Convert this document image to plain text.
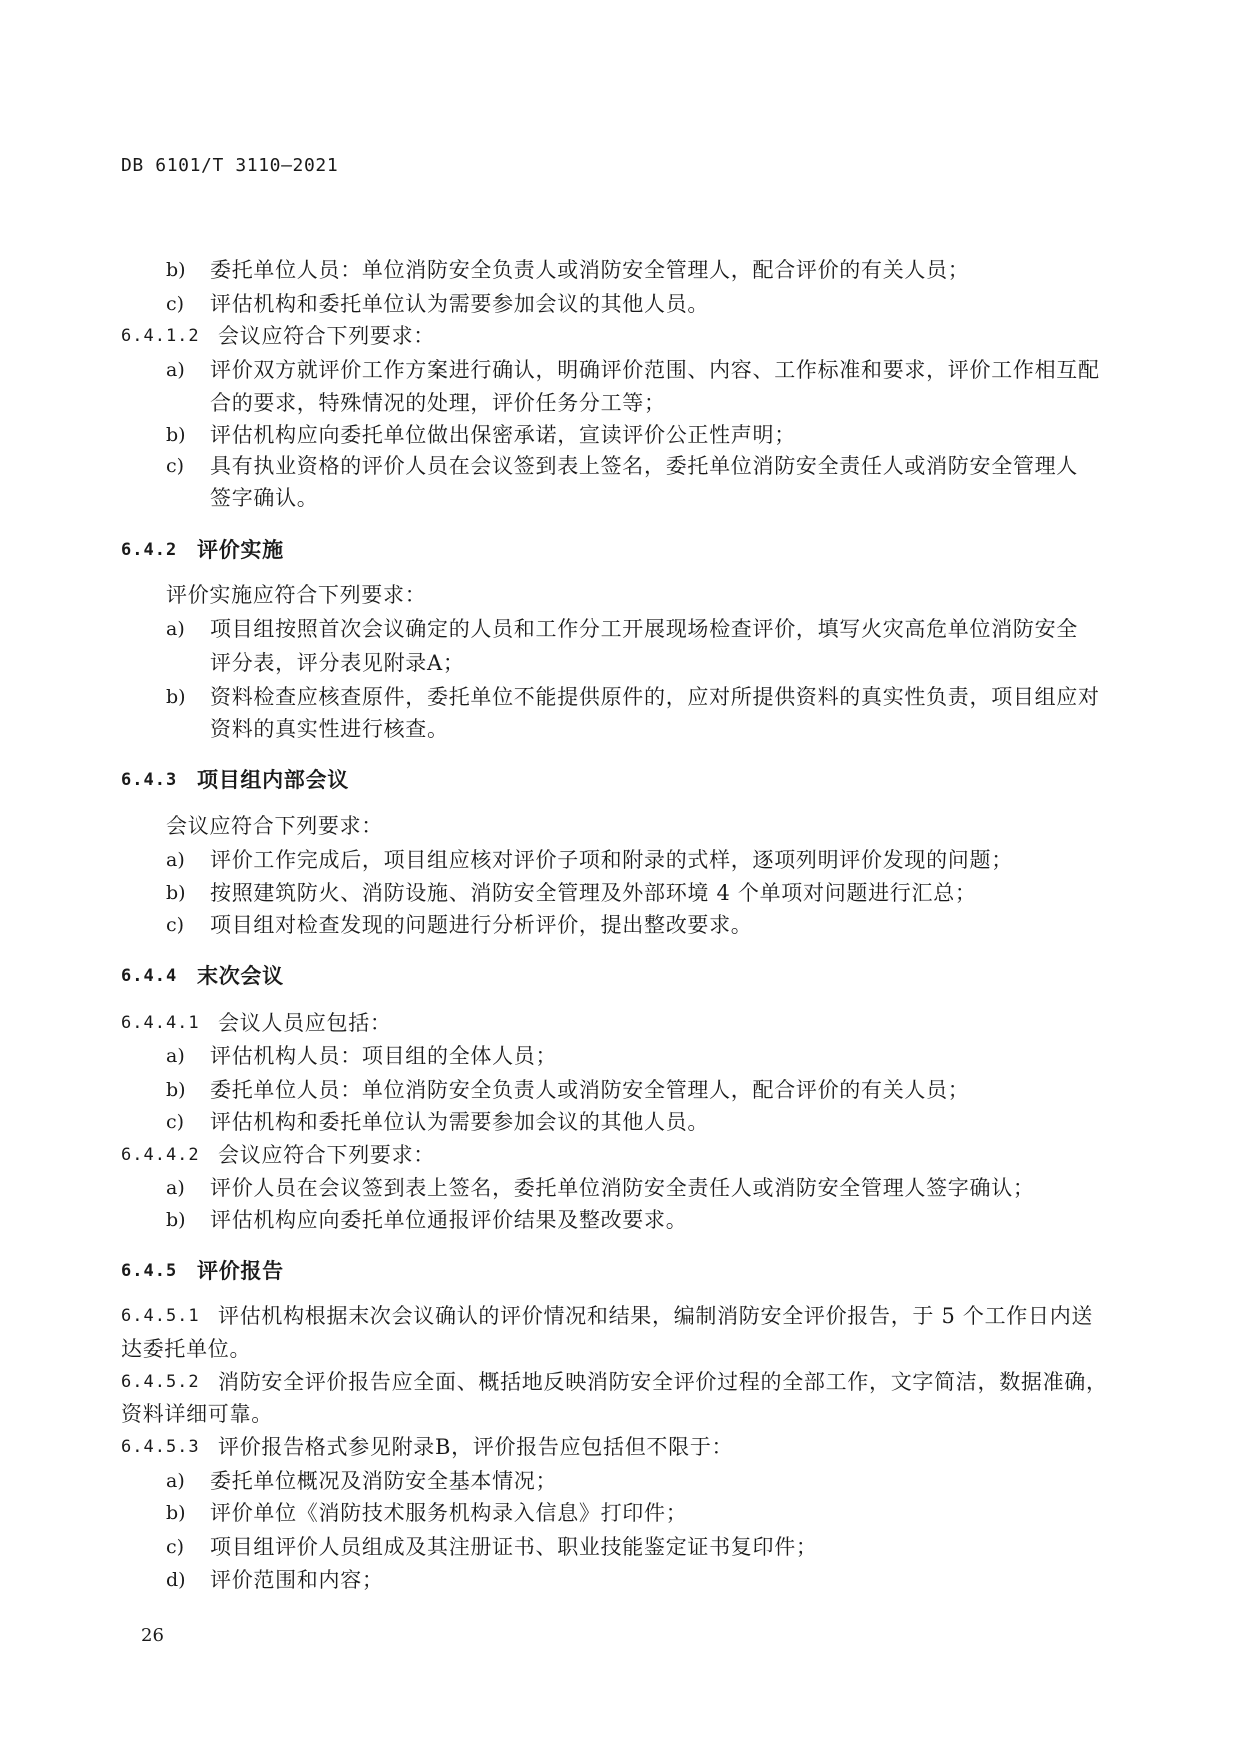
DB 6101/T 3110—2021
b) 委托单位人员：单位消防安全负责人或消防安全管理人，配合评价的有关人员；
c) 评估机构和委托单位认为需要参加会议的其他人员。
6.4.1.2 会议应符合下列要求：
a) 评价双方就评价工作方案进行确认，明确评价范围、内容、工作标准和要求，评价工作相互配
合的要求，特殊情况的处理，评价任务分工等；
b) 评估机构应向委托单位做出保密承诺，宣读评价公正性声明；
c) 具有执业资格的评价人员在会议签到表上签名，委托单位消防安全责任人或消防安全管理人
签字确认。
6.4.2 评价实施
评价实施应符合下列要求：
a) 项目组按照首次会议确定的人员和工作分工开展现场检查评价，填写火灾高危单位消防安全
评分表，评分表见附录A；
b) 资料检查应核查原件，委托单位不能提供原件的，应对所提供资料的真实性负责，项目组应对
资料的真实性进行核查。
6.4.3 项目组内部会议
会议应符合下列要求：
a) 评价工作完成后，项目组应核对评价子项和附录的式样，逐项列明评价发现的问题；
b) 按照建筑防火、消防设施、消防安全管理及外部环境 4 个单项对问题进行汇总；
c) 项目组对检查发现的问题进行分析评价，提出整改要求。
6.4.4 末次会议
6.4.4.1 会议人员应包括：
a) 评估机构人员：项目组的全体人员；
b) 委托单位人员：单位消防安全负责人或消防安全管理人，配合评价的有关人员；
c) 评估机构和委托单位认为需要参加会议的其他人员。
6.4.4.2 会议应符合下列要求：
a) 评价人员在会议签到表上签名，委托单位消防安全责任人或消防安全管理人签字确认；
b) 评估机构应向委托单位通报评价结果及整改要求。
6.4.5 评价报告
6.4.5.1 评估机构根据末次会议确认的评价情况和结果，编制消防安全评价报告，于 5 个工作日内送
达委托单位。
6.4.5.2 消防安全评价报告应全面、概括地反映消防安全评价过程的全部工作，文字简洁，数据准确，
资料详细可靠。
6.4.5.3 评价报告格式参见附录B，评价报告应包括但不限于：
a) 委托单位概况及消防安全基本情况；
b) 评价单位《消防技术服务机构录入信息》打印件；
c) 项目组评价人员组成及其注册证书、职业技能鉴定证书复印件；
d) 评价范围和内容；
26
